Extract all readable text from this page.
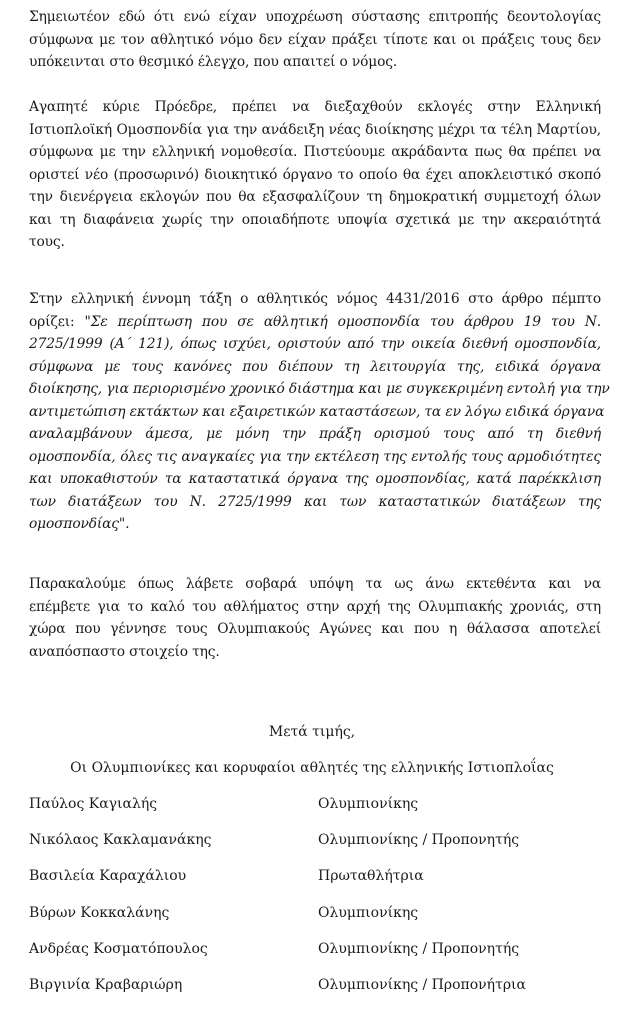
Σημειωτέον εδώ ότι ενώ είχαν υποχρέωση σύστασης επιτροπής δεοντολογίας
σύμφωνα με τον αθλητικό νόμο δεν είχαν πράξει τίποτε και οι πράξεις τους δεν
υπόκεινται στο θεσμικό έλεγχο, που απαιτεί ο νόμος.

Αγαπητέ κύριε Πρόεδρε, πρέπει να διεξαχθούν εκλογές στην Ελληνική
Ιστιοπλοϊκή Ομοσπονδία για την ανάδειξη νέας διοίκησης μέχρι τα τέλη Μαρτίου,
σύμφωνα με την ελληνική νομοθεσία. Πιστεύουμε ακράδαντα πως θα πρέπει να
οριστεί νέο (προσωρινό) διοικητικό όργανο το οποίο θα έχει αποκλειστικό σκοπό
την διενέργεια εκλογών που θα εξασφαλίζουν τη δημοκρατική συμμετοχή όλων
και τη διαφάνεια χωρίς την οποιαδήποτε υποψία σχετικά με την ακεραιότητά
τους.

Στην ελληνική έννομη τάξη ο αθλητικός νόμος 4431/2016 στο άρθρο πέμπτο
ορίζει: "Σε περίπτωση που σε αθλητική ομοσπονδία του άρθρου 19 του Ν.
2725/1999 (Α΄ 121), όπως ισχύει, οριστούν από την οικεία διεθνή ομοσπονδία,
σύμφωνα με τους κανόνες που διέπουν τη λειτουργία της, ειδικά όργανα
διοίκησης, για περιορισμένο χρονικό διάστημα και με συγκεκριμένη εντολή για την
αντιμετώπιση εκτάκτων και εξαιρετικών καταστάσεων, τα εν λόγω ειδικά όργανα
αναλαμβάνουν άμεσα, με μόνη την πράξη ορισμού τους από τη διεθνή
ομοσπονδία, όλες τις αναγκαίες για την εκτέλεση της εντολής τους αρμοδιότητες
και υποκαθιστούν τα καταστατικά όργανα της ομοσπονδίας, κατά παρέκκλιση
των διατάξεων του Ν. 2725/1999 και των καταστατικών διατάξεων της
ομοσπονδίας".

Παρακαλούμε όπως λάβετε σοβαρά υπόψη τα ως άνω εκτεθέντα και να
επέμβετε για το καλό του αθλήματος στην αρχή της Ολυμπιακής χρονιάς, στη
χώρα που γέννησε τους Ολυμπιακούς Αγώνες και που η θάλασσα αποτελεί
αναπόσπαστο στοιχείο της.

Μετά τιμής,

Οι Ολυμπιονίκες και κορυφαίοι αθλητές της ελληνικής Ιστιοπλοΐας

Παύλος Καγιαλής	Ολυμπιονίκης
Νικόλαος Κακλαμανάκης	Ολυμπιονίκης / Προπονητής
Βασιλεία Καραχάλιου	Πρωταθλήτρια
Βύρων Κοκκαλάνης	Ολυμπιονίκης
Ανδρέας Κοσματόπουλος	Ολυμπιονίκης / Προπονητής
Βιργινία Κραβαριώρη	Ολυμπιονίκης / Προπονήτρια
